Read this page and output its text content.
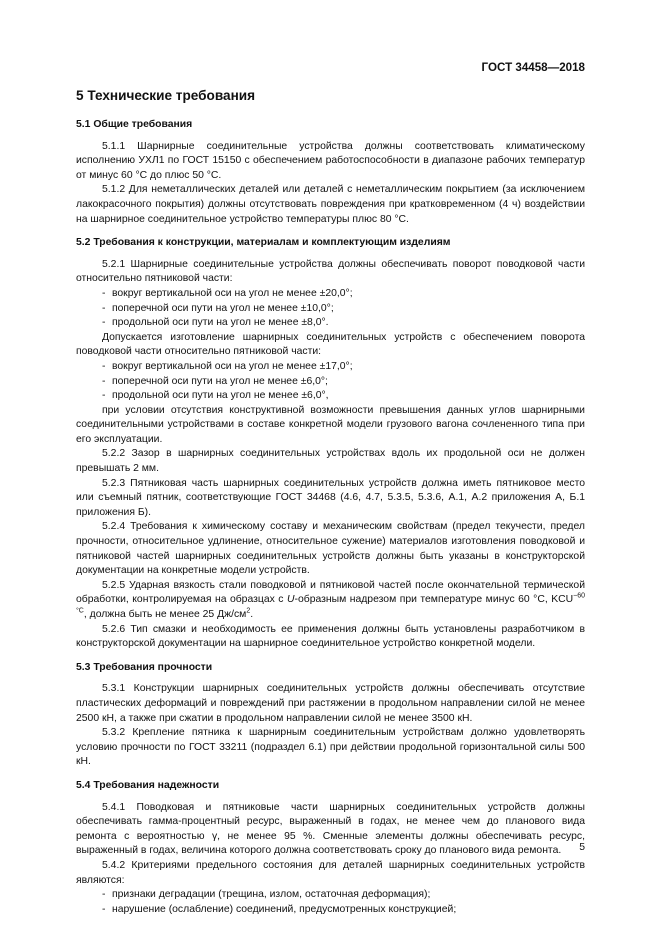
ГОСТ 34458—2018
5 Технические требования
5.1 Общие требования

5.1.1 Шарнирные соединительные устройства должны соответствовать климатическому исполнению УХЛ1 по ГОСТ 15150 с обеспечением работоспособности в диапазоне рабочих температур от минус 60 °С до плюс 50 °С.

5.1.2 Для неметаллических деталей или деталей с неметаллическим покрытием (за исключением лакокрасочного покрытия) должны отсутствовать повреждения при кратковременном (4 ч) воздействии на шарнирное соединительное устройство температуры плюс 80 °С.

5.2 Требования к конструкции, материалам и комплектующим изделиям

5.2.1 Шарнирные соединительные устройства должны обеспечивать поворот поводковой части относительно пятниковой части:

- вокруг вертикальной оси на угол не менее ±20,0°;

- поперечной оси пути на угол не менее ±10,0°;

- продольной оси пути на угол не менее ±8,0°.

Допускается изготовление шарнирных соединительных устройств с обеспечением поворота поводковой части относительно пятниковой части:

- вокруг вертикальной оси на угол не менее ±17,0°;

- поперечной оси пути на угол не менее ±6,0°;

- продольной оси пути на угол не менее ±6,0°,

при условии отсутствия конструктивной возможности превышения данных углов шарнирными соединительными устройствами в составе конкретной модели грузового вагона сочлененного типа при его эксплуатации.

5.2.2 Зазор в шарнирных соединительных устройствах вдоль их продольной оси не должен превышать 2 мм.

5.2.3 Пятниковая часть шарнирных соединительных устройств должна иметь пятниковое место или съемный пятник, соответствующие ГОСТ 34468 (4.6, 4.7, 5.3.5, 5.3.6, А.1, А.2 приложения А, Б.1 приложения Б).

5.2.4 Требования к химическому составу и механическим свойствам (предел текучести, предел прочности, относительное удлинение, относительное сужение) материалов изготовления поводковой и пятниковой частей шарнирных соединительных устройств должны быть указаны в конструкторской документации на конкретные модели устройств.

5.2.5 Ударная вязкость стали поводковой и пятниковой частей после окончательной термической обработки, контролируемая на образцах с U-образным надрезом при температуре минус 60 °С, $KCU^{-60 ^\circ С}$, должна быть не менее 25 $Дж/см^2$.

5.2.6 Тип смазки и необходимость ее применения должны быть установлены разработчиком в конструкторской документации на шарнирное соединительное устройство конкретной модели.

5.3 Требования прочности

5.3.1 Конструкции шарнирных соединительных устройств должны обеспечивать отсутствие пластических деформаций и повреждений при растяжении в продольном направлении силой не менее 2500 кН, а также при сжатии в продольном направлении силой не менее 3500 кН.

5.3.2 Крепление пятника к шарнирным соединительным устройствам должно удовлетворять условию прочности по ГОСТ 33211 (подраздел 6.1) при действии продольной горизонтальной силы 500 кН.

5.4 Требования надежности

5.4.1 Поводковая и пятниковые части шарнирных соединительных устройств должны обеспечивать гамма-процентный ресурс, выраженный в годах, не менее чем до планового вида ремонта с вероятностью γ, не менее 95 %. Сменные элементы должны обеспечивать ресурс, выраженный в годах, величина которого должна соответствовать сроку до планового вида ремонта.

5.4.2 Критериями предельного состояния для деталей шарнирных соединительных устройств являются:

- признаки деградации (трещина, излом, остаточная деформация);

- нарушение (ослабление) соединений, предусмотренных конструкцией;

5
